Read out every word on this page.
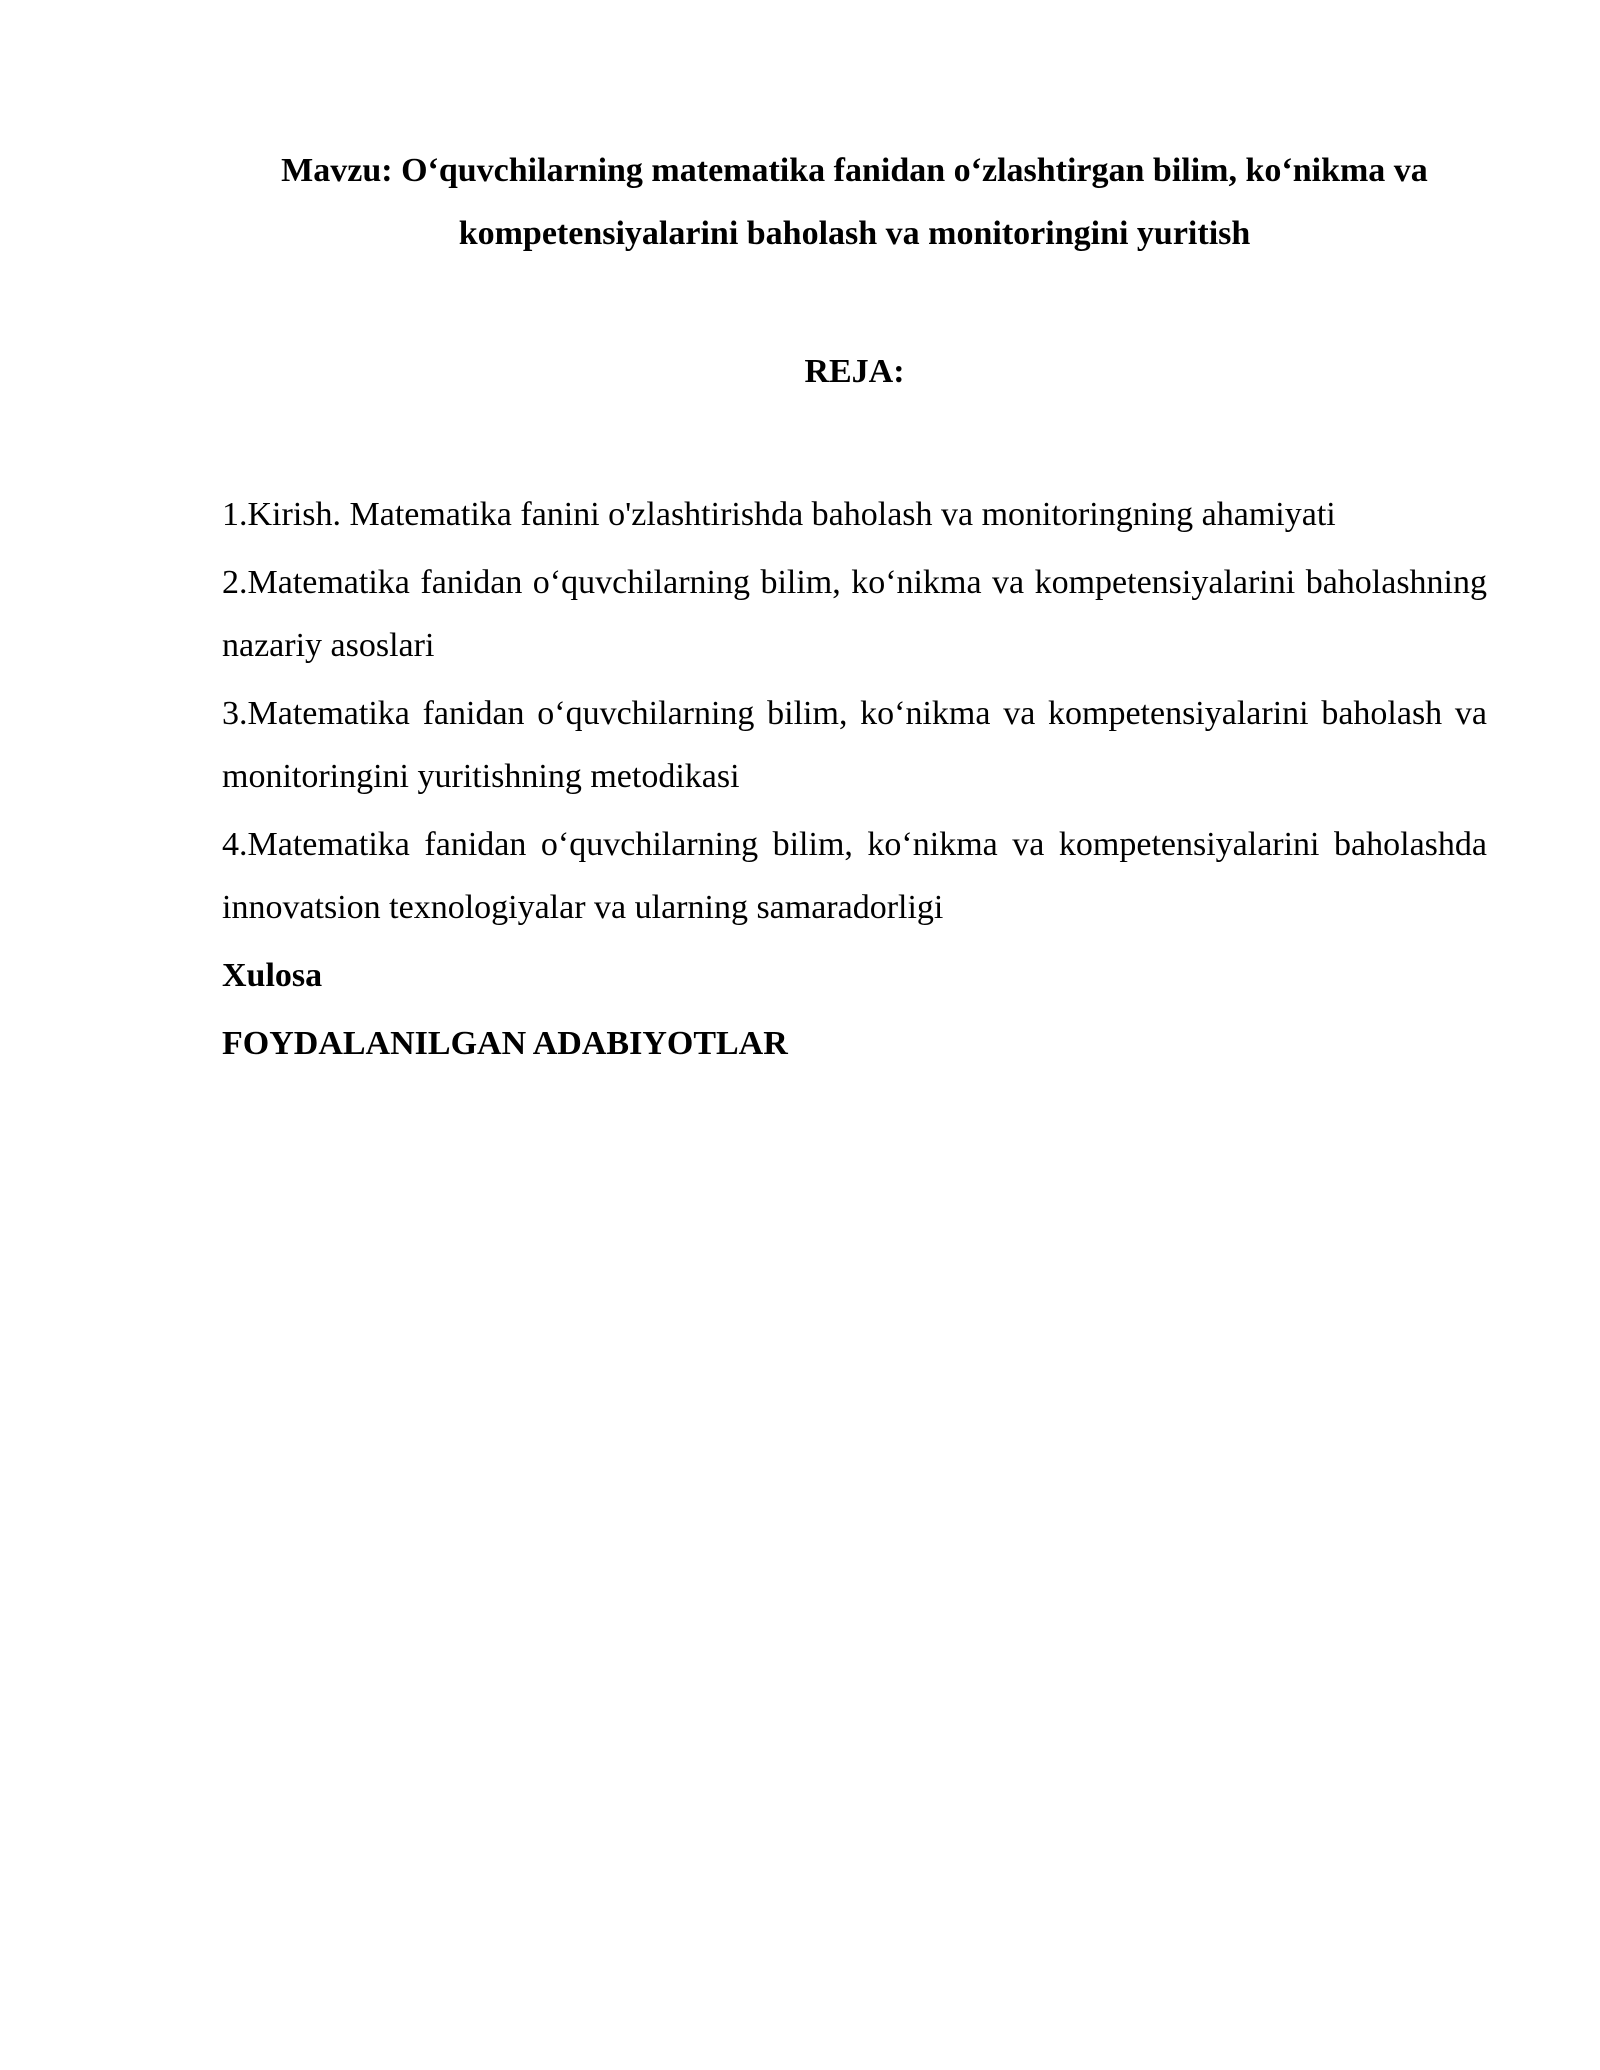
Mavzu: O‘quvchilarning matematika fanidan o‘zlashtirgan bilim, ko‘nikma va kompetensiyalarini baholash va monitoringini yuritish
REJA:

1.Kirish. Matematika fanini o'zlashtirishda baholash va monitoringning ahamiyati

2.Matematika fanidan o‘quvchilarning bilim, ko‘nikma va kompetensiyalarini baholashning nazariy asoslari

3.Matematika fanidan o‘quvchilarning bilim, ko‘nikma va kompetensiyalarini baholash va monitoringini yuritishning metodikasi

4.Matematika fanidan o‘quvchilarning bilim, ko‘nikma va kompetensiyalarini baholashda innovatsion texnologiyalar va ularning samaradorligi

Xulosa

FOYDALANILGAN ADABIYOTLAR
